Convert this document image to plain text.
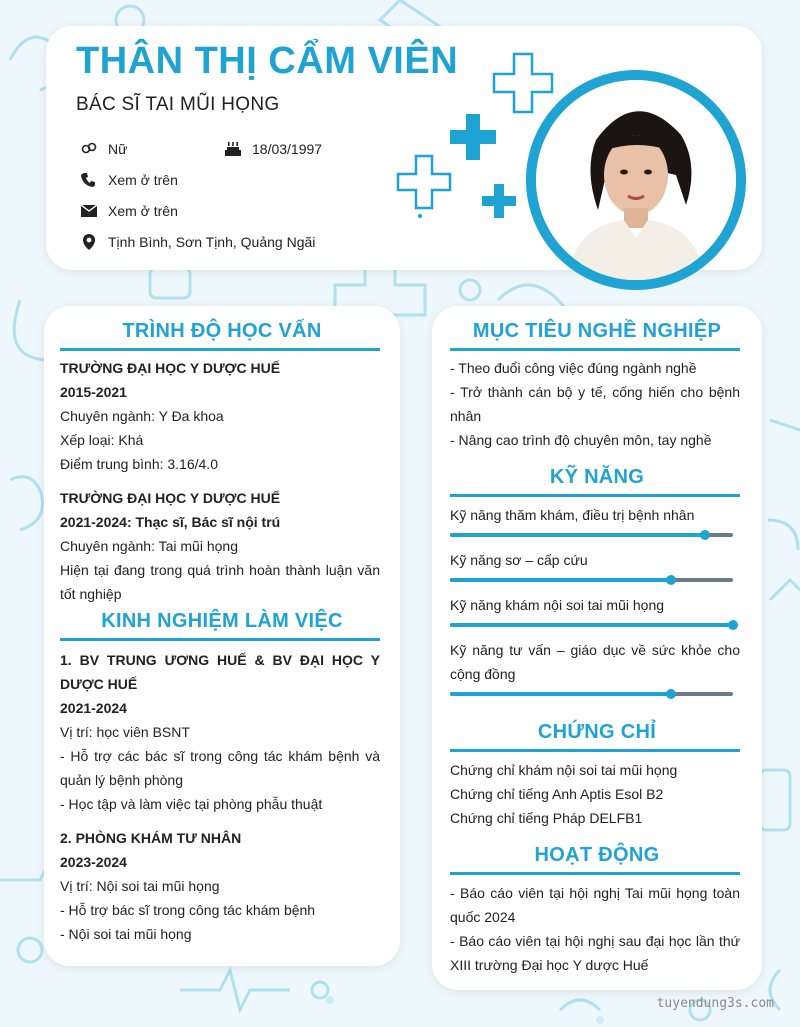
THÂN THỊ CẨM VIÊN
BÁC SĨ TAI MŨI HỌNG
Nữ	18/03/1997
Xem ở trên
Xem ở trên
Tịnh Bình, Sơn Tịnh, Quảng Ngãi
TRÌNH ĐỘ HỌC VẤN
TRƯỜNG ĐẠI HỌC Y DƯỢC HUẾ
2015-2021
Chuyên ngành: Y Đa khoa
Xếp loại: Khá
Điểm trung bình: 3.16/4.0
TRƯỜNG ĐẠI HỌC Y DƯỢC HUẾ
2021-2024: Thạc sĩ, Bác sĩ nội trú
Chuyên ngành: Tai mũi họng
Hiện tại đang trong quá trình hoàn thành luận văn tốt nghiệp
KINH NGHIỆM LÀM VIỆC
1. BV TRUNG ƯƠNG HUẾ & BV ĐẠI HỌC Y DƯỢC HUẾ
2021-2024
Vị trí: học viên BSNT
- Hỗ trợ các bác sĩ trong công tác khám bệnh và quản lý bệnh phòng
- Học tập và làm việc tại phòng phẫu thuật
2. PHÒNG KHÁM TƯ NHÂN
2023-2024
Vị trí: Nội soi tai mũi họng
- Hỗ trợ bác sĩ trong công tác khám bệnh
- Nội soi tai mũi họng
MỤC TIÊU NGHỀ NGHIỆP
- Theo đuổi công việc đúng ngành nghề
- Trở thành cán bộ y tế, cống hiến cho bệnh nhân
- Nâng cao trình độ chuyên môn, tay nghề
KỸ NĂNG
Kỹ năng thăm khám, điều trị bệnh nhân
Kỹ năng sơ – cấp cứu
Kỹ năng khám nội soi tai mũi họng
Kỹ năng tư vấn – giáo dục về sức khỏe cho cộng đồng
CHỨNG CHỈ
Chứng chỉ khám nội soi tai mũi họng
Chứng chỉ tiếng Anh Aptis Esol B2
Chứng chỉ tiếng Pháp DELFB1
HOẠT ĐỘNG
- Báo cáo viên tại hội nghị Tai mũi họng toàn quốc 2024
- Báo cáo viên tại hội nghị sau đại học lần thứ XIII trường Đại học Y dược Huế
tuyendung3s.com
